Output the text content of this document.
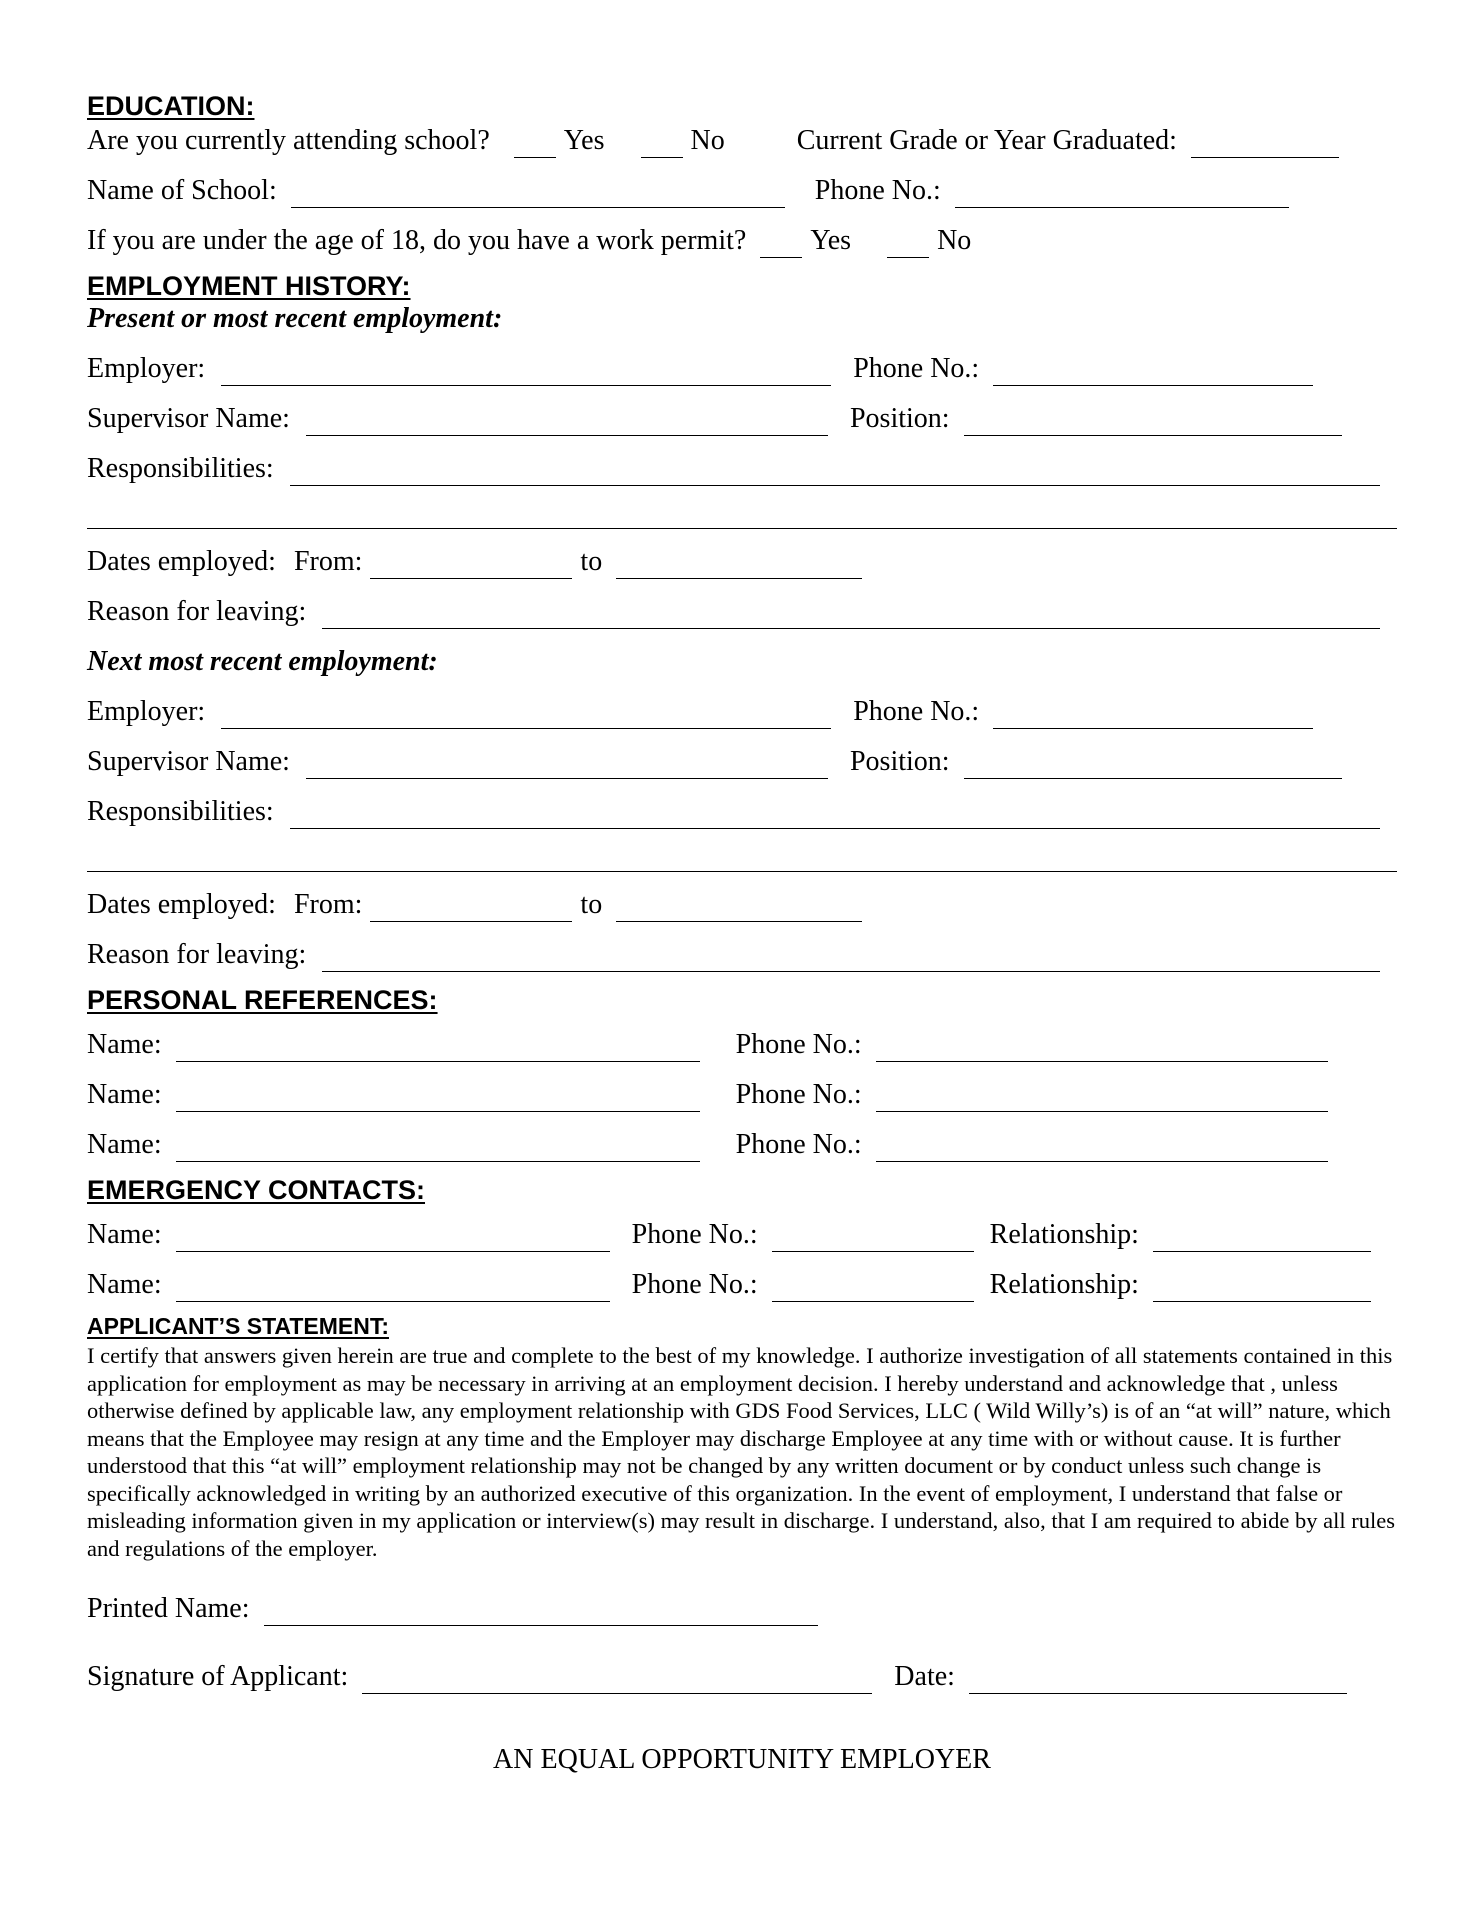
EDUCATION:
Are you currently attending school?	Yes	No	Current Grade or Year Graduated:
Name of School:	Phone No.:
If you are under the age of 18, do you have a work permit? Yes	No
EMPLOYMENT HISTORY:
Present or most recent employment:
Employer:	Phone No.:
Supervisor Name:	Position:
Responsibilities:
Dates employed: From:	to
Reason for leaving:
Next most recent employment:
Employer:	Phone No.:
Supervisor Name:	Position:
Responsibilities:
Dates employed: From:	to
Reason for leaving:
PERSONAL REFERENCES:
Name:	Phone No.:
Name:	Phone No.:
Name:	Phone No.:
EMERGENCY CONTACTS:
Name:	Phone No.:	Relationship:
Name:	Phone No.:	Relationship:
APPLICANT’S STATEMENT:
I certify that answers given herein are true and complete to the best of my knowledge. I authorize investigation of all statements contained in this application for employment as may be necessary in arriving at an employment decision. I hereby understand and acknowledge that , unless otherwise defined by applicable law, any employment relationship with GDS Food Services, LLC ( Wild Willy’s) is of an “at will” nature, which means that the Employee may resign at any time and the Employer may discharge Employee at any time with or without cause. It is further understood that this “at will” employment relationship may not be changed by any written document or by conduct unless such change is specifically acknowledged in writing by an authorized executive of this organization. In the event of employment, I understand that false or misleading information given in my application or interview(s) may result in discharge. I understand, also, that I am required to abide by all rules and regulations of the employer.
Printed Name:
Signature of Applicant:	Date:
AN EQUAL OPPORTUNITY EMPLOYER
